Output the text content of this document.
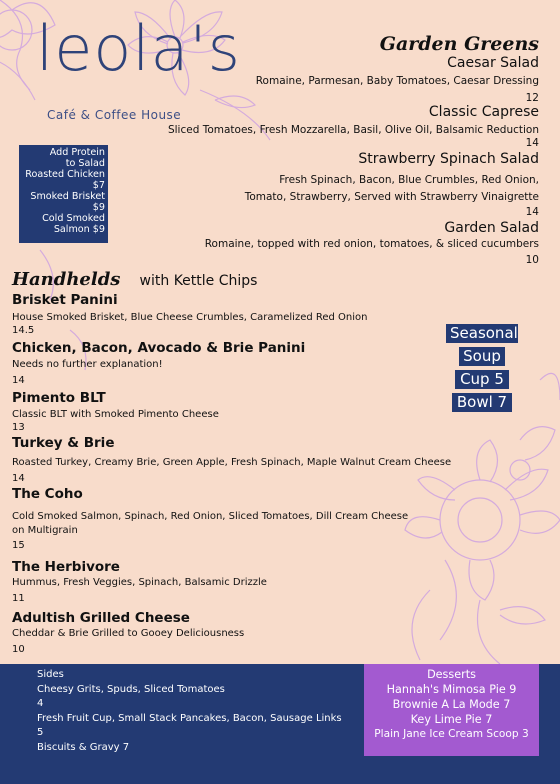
leola's
Café & Coffee House
Add Protein
to Salad
Roasted Chicken
$7
Smoked Brisket
$9
Cold Smoked
Salmon $9
Garden Greens
Caesar Salad
Romaine, Parmesan, Baby Tomatoes, Caesar Dressing
12
Classic Caprese
Sliced Tomatoes, Fresh Mozzarella, Basil, Olive Oil, Balsamic Reduction
14
Strawberry Spinach Salad
Fresh Spinach, Bacon, Blue Crumbles, Red Onion,
Tomato, Strawberry, Served with Strawberry Vinaigrette
14
Garden Salad
Romaine, topped with red onion, tomatoes, & sliced cucumbers
10
Handhelds with Kettle Chips
Brisket Panini
House Smoked Brisket, Blue Cheese Crumbles, Caramelized Red Onion
14.5
Chicken, Bacon, Avocado & Brie Panini
Needs no further explanation!
14
Pimento BLT
Classic BLT with Smoked Pimento Cheese
13
Turkey & Brie
Roasted Turkey, Creamy Brie, Green Apple, Fresh Spinach, Maple Walnut Cream Cheese
14
The Coho
Cold Smoked Salmon, Spinach, Red Onion, Sliced Tomatoes, Dill Cream Cheese
on Multigrain
15
The Herbivore
Hummus, Fresh Veggies, Spinach, Balsamic Drizzle
11
Adultish Grilled Cheese
Cheddar & Brie Grilled to Gooey Deliciousness
10
Seasonal
Soup
Cup 5
Bowl 7
Sides
Cheesy Grits, Spuds, Sliced Tomatoes
4
Fresh Fruit Cup, Small Stack Pancakes, Bacon, Sausage Links
5
Biscuits & Gravy 7
Desserts
Hannah's Mimosa Pie 9
Brownie A La Mode 7
Key Lime Pie 7
Plain Jane Ice Cream Scoop 3
